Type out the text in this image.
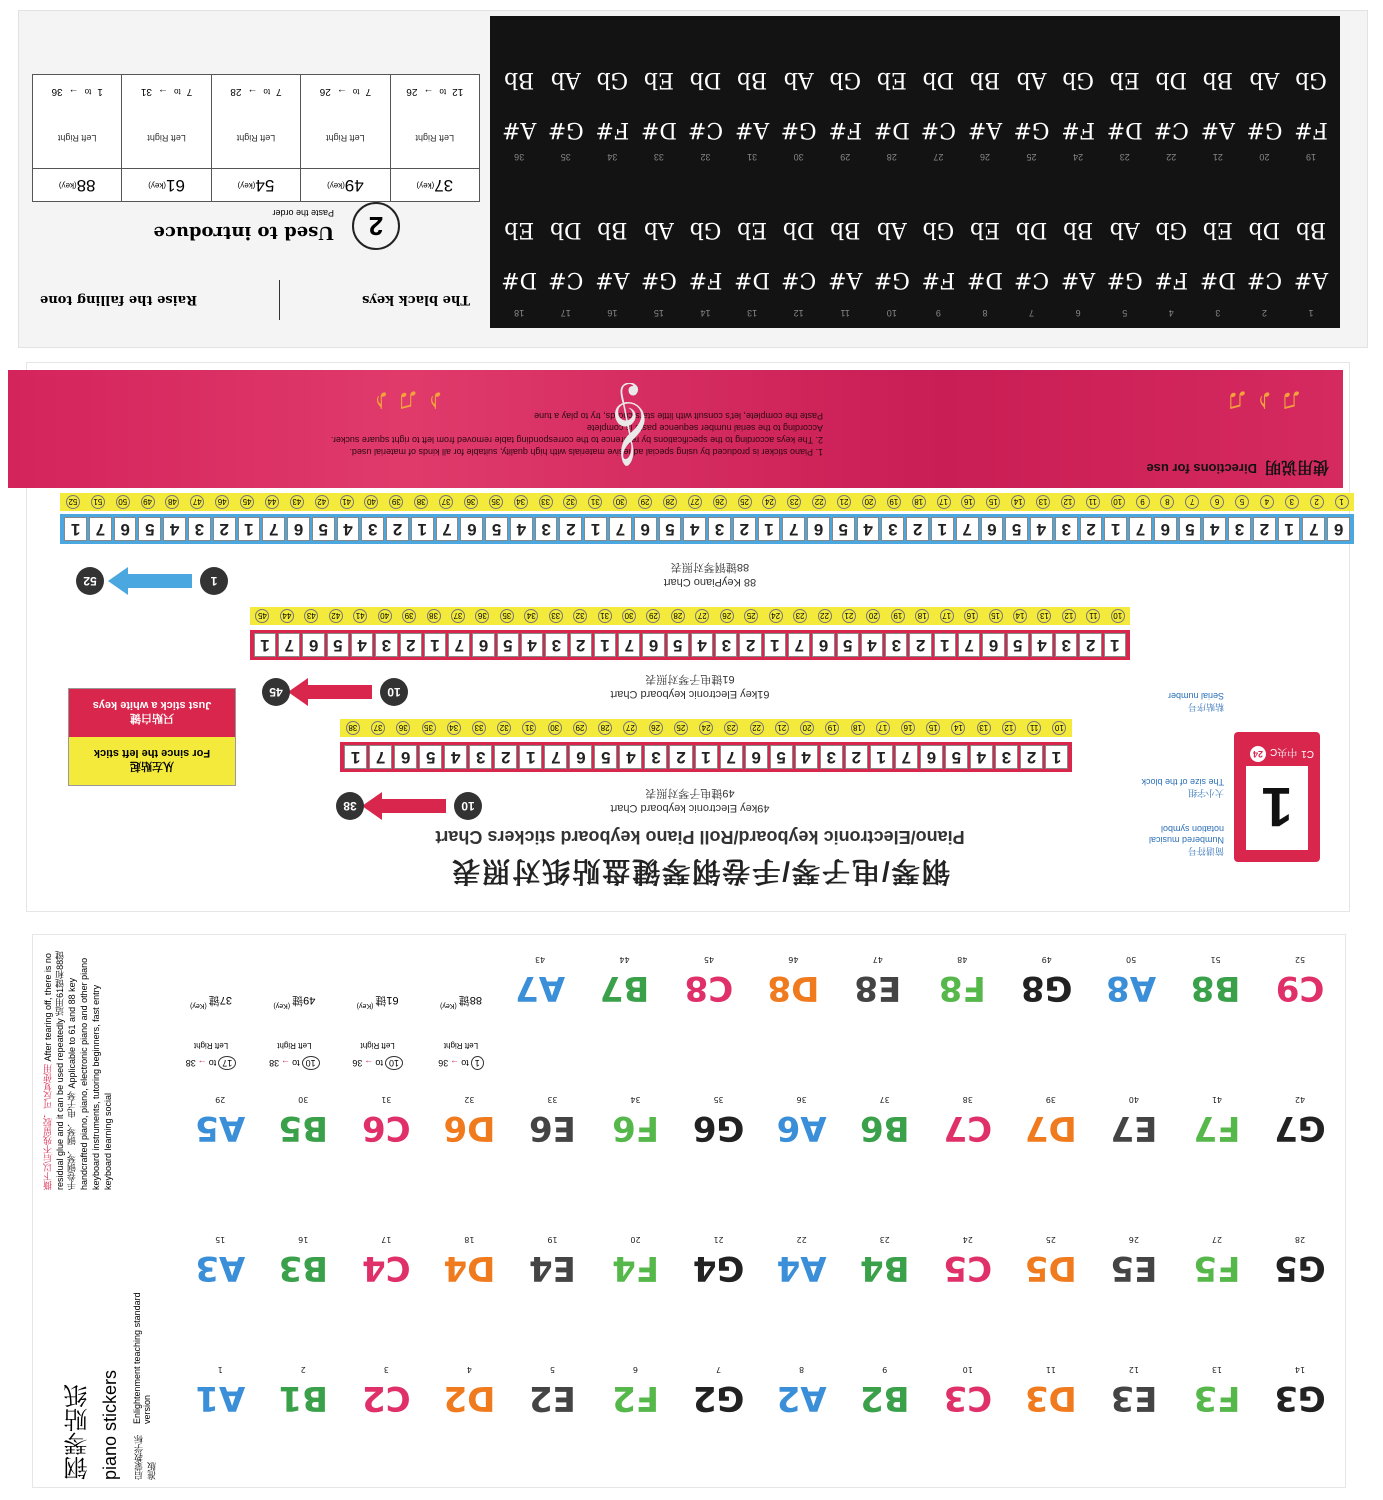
1
2
3
4
5
6
7
8
9
10
11
12
13
14
15
16
17
18
A#
C#
D#
F#
G#
A#
C#
D#
F#
G#
A#
C#
D#
F#
G#
A#
C#
D#
Bb
Db
Eb
Gb
Ab
Bb
Db
Eb
Gb
Ab
Bb
Db
Eb
Gb
Ab
Bb
Db
Eb
19
20
21
22
23
24
25
26
27
28
29
30
31
32
33
34
35
36
F#
G#
A#
C#
D#
F#
G#
A#
C#
D#
F#
G#
A#
C#
D#
F#
G#
A#
Gb
Ab
Bb
Db
Eb
Gb
Ab
Bb
Db
Eb
Gb
Ab
Bb
Db
Eb
Gb
Ab
Bb
The black keys
Raise the falling tone
2
Used to introduce
Paste the order
37
(key)
Left Right
12
to
→
26
49
(key)
Left Right
7
to
→
26
54
(key)
Left Right
7
to
→
28
61
(key)
Left Right
7
to
→
31
88
(key)
Left Right
1
to
→
36
使用说明
Directions for use
1. Piano sticker is produced by using special adhesive materials with high quality, suitable for all kinds of material used.
2. The keys according to the specifications by reference to the corresponding table removed from left to right square sucker.
According to the serial number sequence paste is complete
Paste the complete, let's consult with little stars chords, try to play a tune
𝄞	♫ ♪ ♫
♪ ♫ ♪
1
2
3
4
5
6
7
8
9
10
11
12
13
14
15
16
17
18
19
20
21
22
23
24
25
26
27
28
29
30
31
32
33
34
35
36
37
38
39
40
41
42
43
44
45
46
47
48
49
50
51
52
6
7
1
2
3
4
5
6
7
1
2
3
4
5
6
7
1
2
3
4
5
6
7
1
2
3
4
5
6
7
1
2
3
4
5
6
7
1
2
3
4
5
6
7
1
2
3
4
5
6
7
1
88 KeyPiano Chart
88键钢琴对照表
1
52
10
11
12
13
14
15
16
17
18
19
20
21
22
23
24
25
26
27
28
29
30
31
32
33
34
35
36
37
38
39
40
41
42
43
44
45
1
2
3
4
5
6
7
1
2
3
4
5
6
7
1
2
3
4
5
6
7
1
2
3
4
5
6
7
1
2
3
4
5
6
7
1
61key Electronic keyboard Chart
61键电子琴对照表
10
45
10
11
12
13
14
15
16
17
18
19
20
21
22
23
24
25
26
27
28
29
30
31
32
33
34
35
36
37
38
1
2
3
4
5
6
7
1
2
3
4
5
6
7
1
2
3
4
5
6
7
1
2
3
4
5
6
7
1
49key Electronic keyboard Chart
49键电子琴对照表
10
38
从左贴起
For since the left stick
只贴白键
Just stick a white keys
1
C1
中央C
24
简谱符号
Numbered musical notation symbol
大小字组
The size of the block
粘贴序号
Serial number
钢琴/电子琴/手卷钢琴键盘贴纸对照表
Piano/Electronic keyboard/Roll Piano keyboard stickers Chart
钢琴贴纸 piano stickers 启蒙教学标准版
Enlightenment teaching standard version
撕下以后不残留胶，可反复使用 After tearing off, there is no residual glue and it can be used repeatedly 适用61键和88键手卷钢琴、钢琴、电子琴 Applicable to 61 and 88 key handcrafted piano, piano, electronic piano and other piano keyboard instruments, tutoring beginners, fast entry keyboard learning social
1
to
→
36
Left Right
88键
(Key)
10
to
→
36
Left Right
61键
(Key)
10
to
→
38
Left Right
49键
(Key)
17
to
→
38
Left Right
37键
(Key)	A7
43
B7
44
C8
45
D8
46
E8
47
F8
48
G8
49
A8
50
B8
51
C9
52
A5
29
B5
30
C6
31
D6
32
E6
33
F6
34
G6
35
A6
36
B6
37
C7
38
D7
39
E7
40
F7
41
G7
42
A3
15
B3
16
C4
17
D4
18
E4
19
F4
20
G4
21
A4
22
B4
23
C5
24
D5
25
E5
26
F5
27
G5
28
A1
1
B1
2
C2
3
D2
4
E2
5
F2
6
G2
7
A2
8
B2
9
C3
10
D3
11
E3
12
F3
13
G3
14
